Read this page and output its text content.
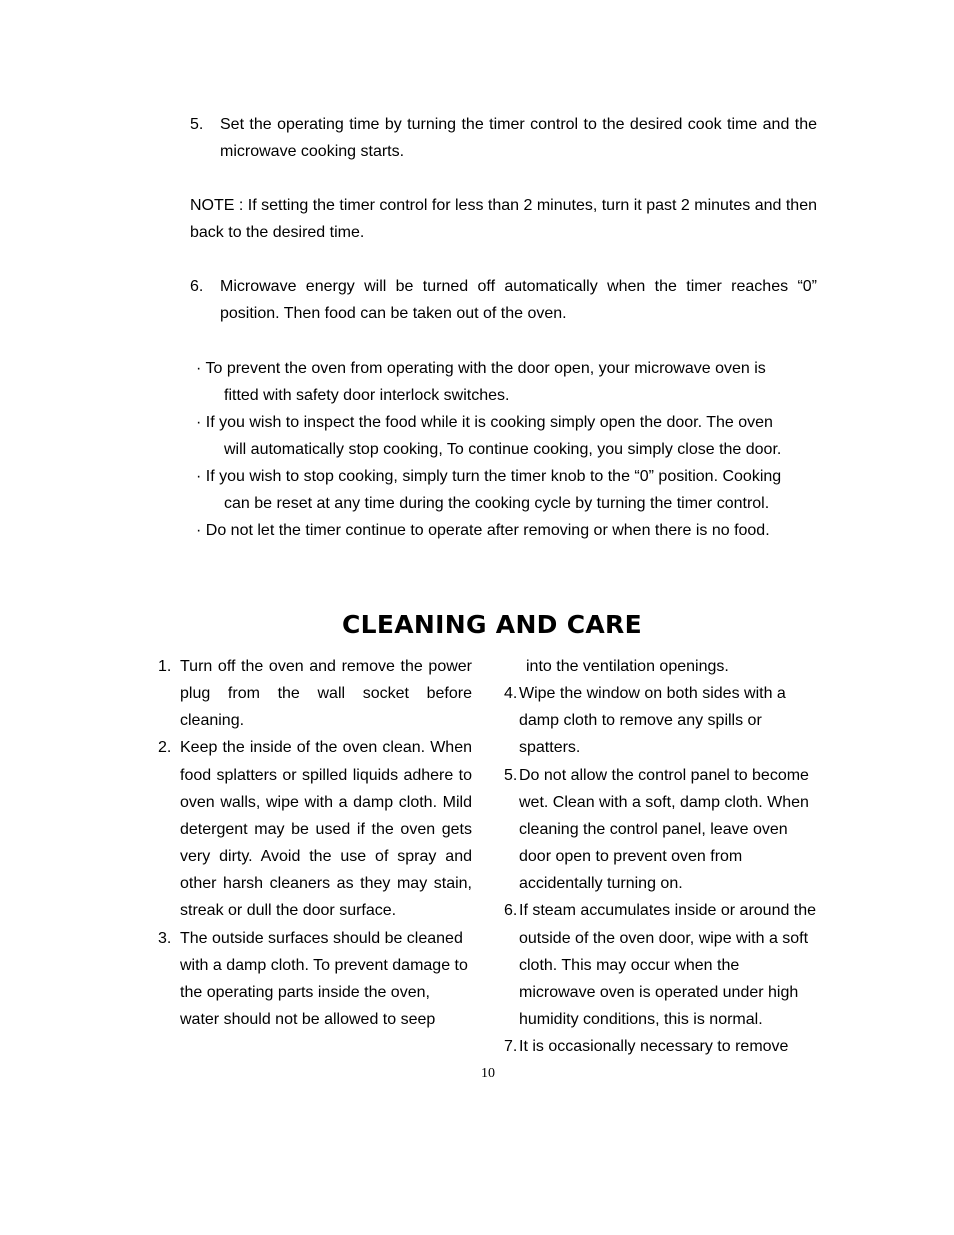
5. Set the operating time by turning the timer control to the desired cook time and the microwave cooking starts.
NOTE : If setting the timer control for less than 2 minutes, turn it past 2 minutes and then back to the desired time.
6. Microwave energy will be turned off automatically when the timer reaches “0” position. Then food can be taken out of the oven.
· To prevent the oven from operating with the door open, your microwave oven is
fitted with safety door interlock switches.
· If you wish to inspect the food while it is cooking simply open the door. The oven
will automatically stop cooking, To continue cooking, you simply close the door.
· If you wish to stop cooking, simply turn the timer knob to the “0” position. Cooking
can be reset at any time during the cooking cycle by turning the timer control.
· Do not let the timer continue to operate after removing or when there is no food.
CLEANING AND CARE
1. Turn off the oven and remove the power plug from the wall socket before cleaning.
2. Keep the inside of the oven clean. When food splatters or spilled liquids adhere to oven walls, wipe with a damp cloth. Mild detergent may be used if the oven gets very dirty. Avoid the use of spray and other harsh cleaners as they may stain, streak or dull the door surface.
3. The outside surfaces should be cleaned with a damp cloth. To prevent damage to the operating parts inside the oven, water should not be allowed to seep
into the ventilation openings.
4. Wipe the window on both sides with a damp cloth to remove any spills or spatters.
5. Do not allow the control panel to become wet. Clean with a soft, damp cloth. When cleaning the control panel, leave oven door open to prevent oven from accidentally turning on.
6. If steam accumulates inside or around the outside of the oven door, wipe with a soft cloth. This may occur when the microwave oven is operated under high humidity conditions, this is normal.
7. It is occasionally necessary to remove
10
